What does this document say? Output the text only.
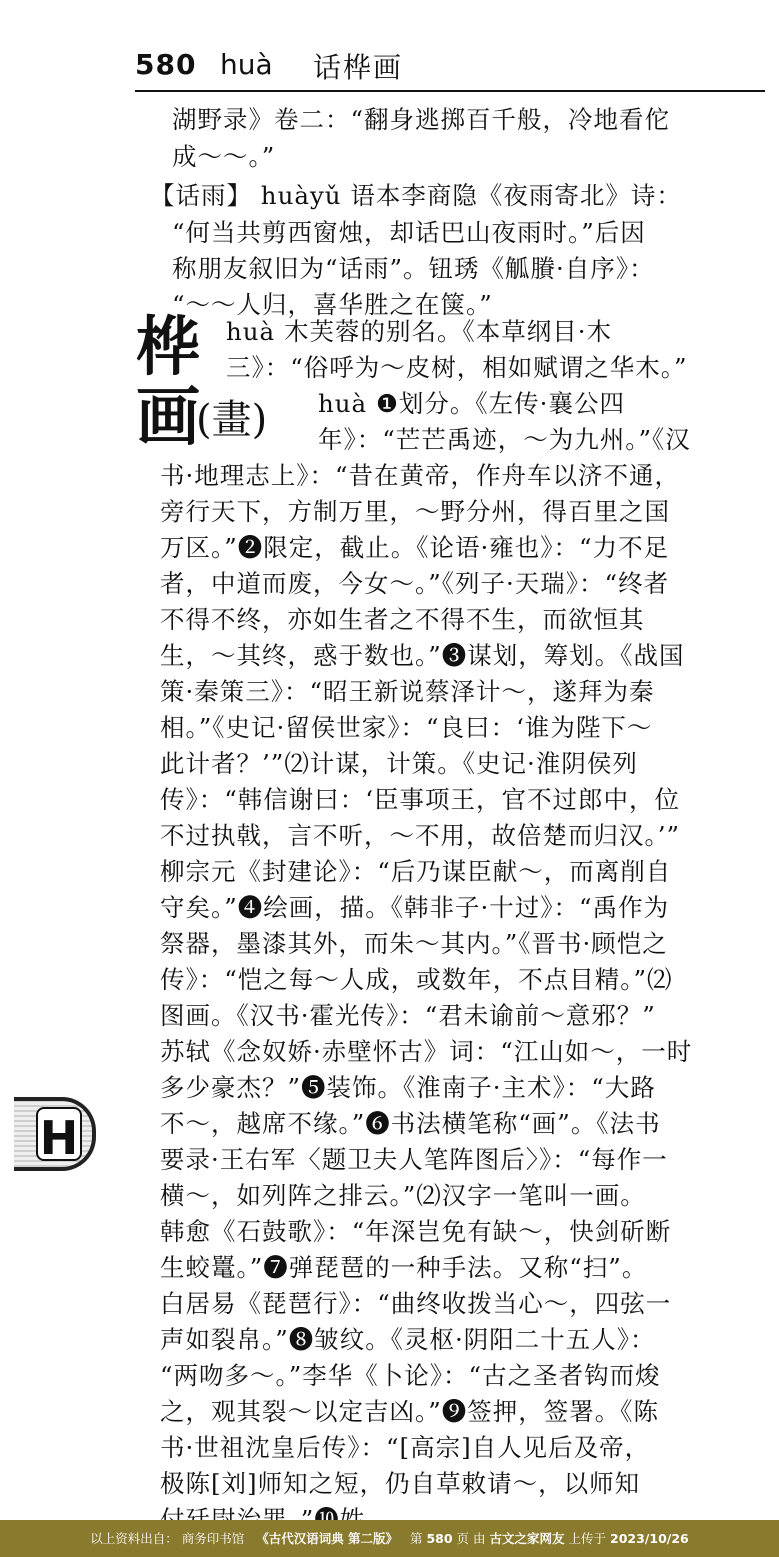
580 huà 话桦画
湖野录》卷二：“翻身逃掷百千般，冷地看佗
成～～。”
【话雨】 huàyǔ 语本李商隐《夜雨寄北》诗：
“何当共剪西窗烛，却话巴山夜雨时。”后因
称朋友叙旧为“话雨”。钮琇《觚賸·自序》：
“～～人归，喜华胜之在箧。”
桦 huà 木芙蓉的别名。《本草纲目·木
三》：“俗呼为～皮树，相如赋谓之华木。”
画
(畫) huà ❶划分。《左传·襄公四
年》：“芒芒禹迹，～为九州。”《汉
书·地理志上》：“昔在黄帝，作舟车以济不通，
旁行天下，方制万里，～野分州，得百里之国
万区。”❷限定，截止。《论语·雍也》：“力不足
者，中道而废，今女～。”《列子·天瑞》：“终者
不得不终，亦如生者之不得不生，而欲恒其
生，～其终，惑于数也。”❸谋划，筹划。《战国
策·秦策三》：“昭王新说蔡泽计～，遂拜为秦
相。”《史记·留侯世家》：“良曰：‘谁为陛下～
此计者？’”⑵计谋，计策。《史记·淮阴侯列
传》：“韩信谢曰：‘臣事项王，官不过郎中，位
不过执戟，言不听，～不用，故倍楚而归汉。’”
柳宗元《封建论》：“后乃谋臣献～，而离削自
守矣。”❹绘画，描。《韩非子·十过》：“禹作为
祭器，墨漆其外，而朱～其内。”《晋书·顾恺之
传》：“恺之每～人成，或数年，不点目精。”⑵
图画。《汉书·霍光传》：“君未谕前～意邪？”
苏轼《念奴娇·赤壁怀古》词：“江山如～，一时
多少豪杰？”❺装饰。《淮南子·主术》：“大路
不～，越席不缘。”❻书法横笔称“画”。《法书
要录·王右军〈题卫夫人笔阵图后〉》：“每作一
横～，如列阵之排云。”⑵汉字一笔叫一画。
韩愈《石鼓歌》：“年深岂免有缺～，快剑斫断
生蛟鼍。”❼弹琵琶的一种手法。又称“扫”。
白居易《琵琶行》：“曲终收拨当心～，四弦一
声如裂帛。”❽皱纹。《灵枢·阴阳二十五人》：
“两吻多～。”李华《卜论》：“古之圣者钩而焌
之，观其裂～以定吉凶。”❾签押，签署。《陈
书·世祖沈皇后传》：“[高宗]自人见后及帝，
极陈[刘]师知之短，仍自草敕请～，以师知
H
以上资料出自： 商务印书馆 《古代汉语词典 第二版》 第 580 页 由 古文之家网友 上传于 2023/10/26
